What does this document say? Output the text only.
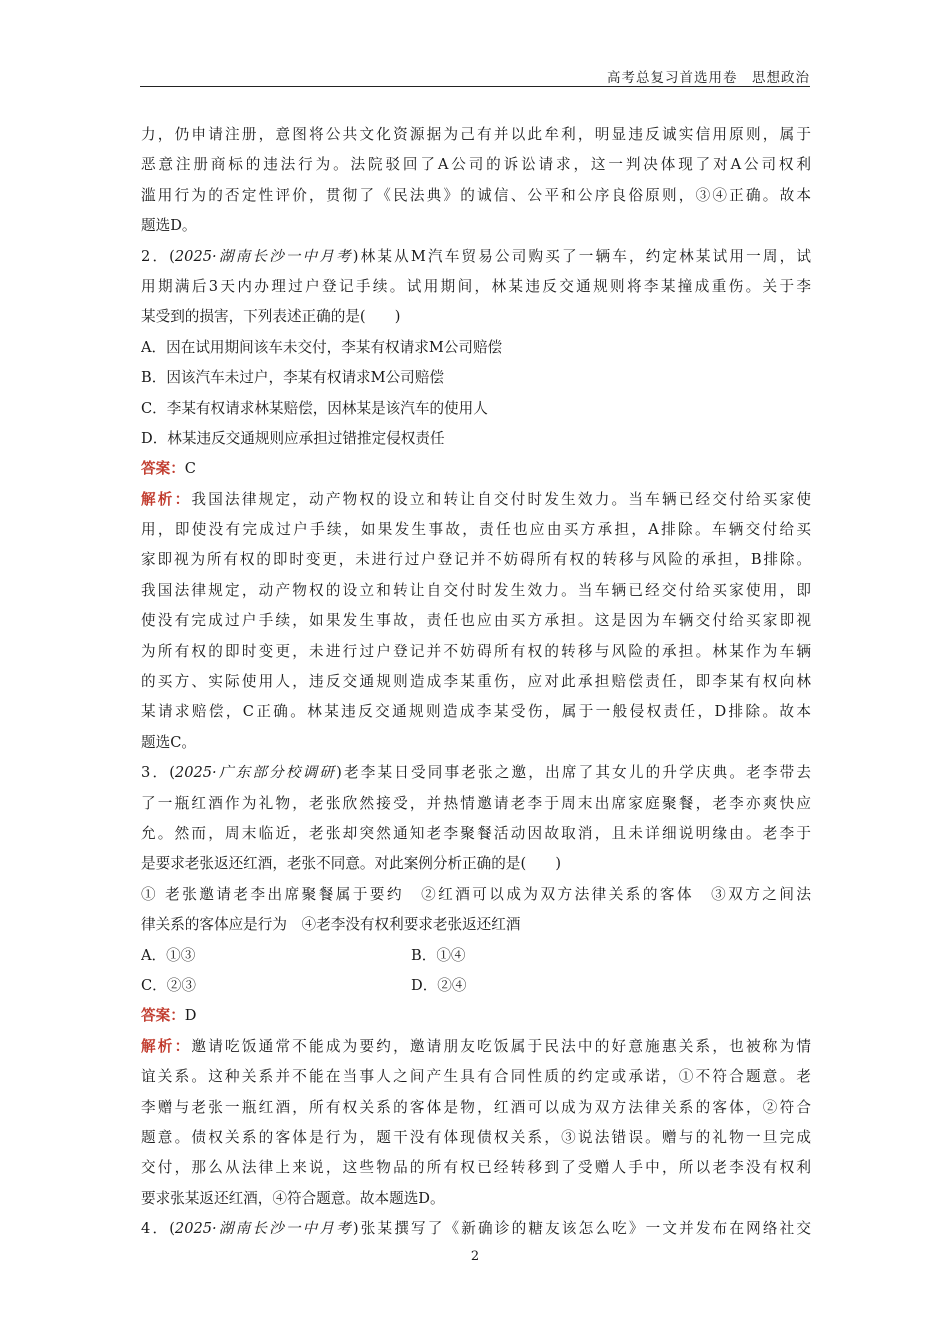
高考总复习首选用卷　思想政治
力，仍申请注册，意图将公共文化资源据为己有并以此牟利，明显违反诚实信用原则，属于
恶意注册商标的违法行为。法院驳回了A公司的诉讼请求，这一判决体现了对A公司权利
滥用行为的否定性评价，贯彻了《民法典》的诚信、公平和公序良俗原则，③④正确。故本
题选D。
2．(2025·湖南长沙一中月考)林某从M汽车贸易公司购买了一辆车，约定林某试用一周，试
用期满后3天内办理过户登记手续。试用期间，林某违反交通规则将李某撞成重伤。关于李
某受到的损害，下列表述正确的是(　　)
A．因在试用期间该车未交付，李某有权请求M公司赔偿
B．因该汽车未过户，李某有权请求M公司赔偿
C．李某有权请求林某赔偿，因林某是该汽车的使用人
D．林某违反交通规则应承担过错推定侵权责任
答案：C
解析：我国法律规定，动产物权的设立和转让自交付时发生效力。当车辆已经交付给买家使
用，即使没有完成过户手续，如果发生事故，责任也应由买方承担，A排除。车辆交付给买
家即视为所有权的即时变更，未进行过户登记并不妨碍所有权的转移与风险的承担，B排除。
我国法律规定，动产物权的设立和转让自交付时发生效力。当车辆已经交付给买家使用，即
使没有完成过户手续，如果发生事故，责任也应由买方承担。这是因为车辆交付给买家即视
为所有权的即时变更，未进行过户登记并不妨碍所有权的转移与风险的承担。林某作为车辆
的买方、实际使用人，违反交通规则造成李某重伤，应对此承担赔偿责任，即李某有权向林
某请求赔偿，C正确。林某违反交通规则造成李某受伤，属于一般侵权责任，D排除。故本
题选C。
3．(2025·广东部分校调研)老李某日受同事老张之邀，出席了其女儿的升学庆典。老李带去
了一瓶红酒作为礼物，老张欣然接受，并热情邀请老李于周末出席家庭聚餐，老李亦爽快应
允。然而，周末临近，老张却突然通知老李聚餐活动因故取消，且未详细说明缘由。老李于
是要求老张返还红酒，老张不同意。对此案例分析正确的是(　　)
① 老张邀请老李出席聚餐属于要约　②红酒可以成为双方法律关系的客体　③双方之间法
律关系的客体应是行为　④老李没有权利要求老张返还红酒
A．①③	B．①④
C．②③	D．②④
答案：D
解析：邀请吃饭通常不能成为要约，邀请朋友吃饭属于民法中的好意施惠关系，也被称为情
谊关系。这种关系并不能在当事人之间产生具有合同性质的约定或承诺，①不符合题意。老
李赠与老张一瓶红酒，所有权关系的客体是物，红酒可以成为双方法律关系的客体，②符合
题意。债权关系的客体是行为，题干没有体现债权关系，③说法错误。赠与的礼物一旦完成
交付，那么从法律上来说，这些物品的所有权已经转移到了受赠人手中，所以老李没有权利
要求张某返还红酒，④符合题意。故本题选D。
4．(2025·湖南长沙一中月考)张某撰写了《新确诊的糖友该怎么吃》一文并发布在网络社交
2
